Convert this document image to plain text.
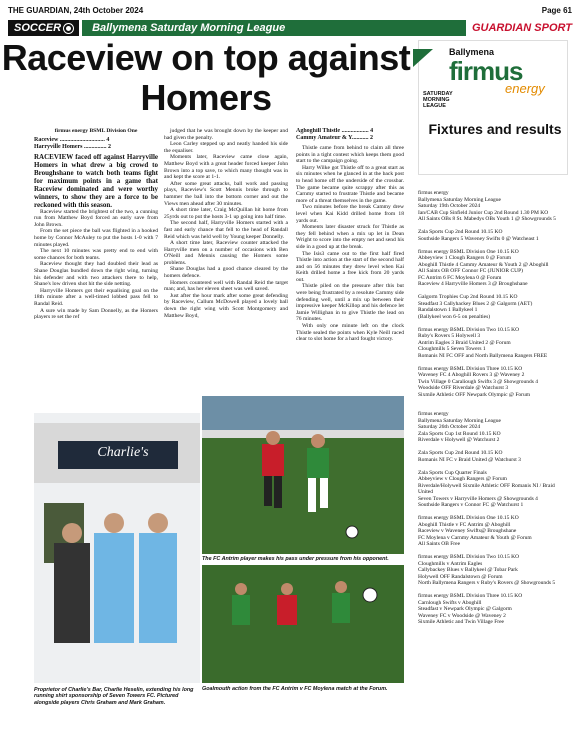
THE GUARDIAN, 24th October 2024	Page 61
SOCCER	Ballymena Saturday Morning League	GUARDIAN SPORT
Raceview on top against Homers

firmus energy BSML Division One

Raceview .............................. 4

Harryville Homers ............... 2

RACEVIEW faced off against Harryville Homers in what drew a big crowd to Broughshane to watch both teams fight for maximum points in a game that Raceview dominated and were worthy winners, to show they are a force to be reckoned with this season.

Raceview started the brightest of the two, a cunning run from Matthew Boyd forced an early save from John Brown.

From the set piece the ball was flighted in a hooked home by Connor McAuley to put the hosts 1-0 with 7 minutes played.

The next 10 minutes was pretty end to end with some chances for both teams.

Raceview thought they had doubled their lead as Shane Douglas bundled down the right wing, turning his defender and with two attackers there to help, Shane's low driven shot hit the side netting.

Harryville Homers got their equalising goal on the 18th minute after a well-timed lobbed pass fell to Randal Reid.

A sure win made by Sam Donnelly, as the Homers players re set the ref

judged that he was brought down by the keeper and had given the penalty.

Leon Carley stepped up and neatly handed his side the equaliser.

Moments later, Raceview came close again, Matthew Boyd with a great header forced keeper John Brown into a top save, to which many thought was in and kept the score at 1-1.

After some great attacks, ball work and passing plays, Raceview's Scott Mennis broke through to hammer the ball into the bottom corner and out the Views men ahead after 30 minutes.

A short time later, Craig McQuillan hit home from 25yrds out to put the hosts 3-1 up going into half time.

The second half, Harryville Homers started with a fast and early chance that fell to the head of Randall Reid which was held well by Young keeper Donnelly.

A short time later, Raceview counter attacked the Harryville men on a number of occasions with Ben O'Neill and Mennis causing the Homers some problems.

Shane Douglas had a good chance cleared by the homers defence.

Homers countered well with Randal Reid the target man; and, has her eleven sheet was well saved.

Just after the hour mark after some great defending by Raceview, Callum McDowell played a lovely ball down the right wing with Scott Montgomery and Matthew Boyd,

The FC Antrim player makes his pass under pressure from his opponent.
Charlie's
Proprietor of Charlie's Bar, Charlie Heselin, extending his long running shirt sponsorship of Seven Towers FC. Pictured alongside players Chris Graham and Mark Graham.
Goalmouth action from the FC Antrim v FC Moylena match at the Forum.
Ballymena
firmus
energy
SATURDAY MORNING LEAGUE
Fixtures and results
firmus energy
Ballymena Saturday Morning League
Saturday 19th October 2024
Ian/CAB Cup Sinfield Junior Cup 2nd Round 1.30 PM KO
All Saints OBs 8 St. Mabedys OBs Youth 1 @ Showgrounds 5
Zala Sports Cup 2nd Round 10.15 KO
Southside Rangers 5 Waveney Swifts 0 @ Watcheast 1
firmus energy BSML Division One 10.15 KO
Abbeyview 1 Clough Rangers 0 @ Forum
Aboghill Thistle 4 Cammy Amateur & Youth 2 @ Aboghill
All Saints OB OFF Connor FC (JUNIOR CUP)
FC Antrim 6 FC Moylena 0 @ Forum
Raceview 4 Harryville Homers 3 @ Broughshane
Galgorm Trophies Cup 2nd Round 10.15 KO
Steadfast 3 Callyhackey Blues 2 @ Galgorm (AET)
Randalstown 1 Ballykeel 1
(Ballykeel won 6-5 on penalties)
firmus energy BSML Division Two 10.15 KO
Ruby's Rovers 5 Holywell 3
Antrim Eagles 3 Braid United 2 @ Forum
Cloughmills 5 Seven Towers 1
Romanis NI FC OFF and North Ballymena Rangers FREE
firmus energy BSML Division Three 10.15 KO
Waveney FC 4 Aboghill Rovers 3 @ Waveney 2
Twin Village 0 Caraliough Swifts 3 @ Showgrounds 4
Woodside OFF Riverdale @ Watchurst 3
Sixmile Athletic OFF Newpark Olympic @ Forum
firmus energy
Ballymena Saturday Morning League
Saturday 26th October 2024
Zala Sports Cup 1st Round 10.15 KO
Riverdale v Holywell @ Watchurst 2
Zala Sports Cup 2nd Round 10.15 KO
Romanis NI FC v Braid United @ Watchurst 3
Zala Sports Cup Quarter Finals
Abbeyview v Clough Rangers @ Forum
Riverdale/Holywell Sixmile Athletic OFF Romanis NI / Braid United
Seven Towers v Harryville Homers @ Showgrounds 4
Southside Rangers v Connor FC @ Watchurst 1
firmus energy BSML Division One 10.15 KO
Aboghill Thistle v FC Antrim @ Aboghill
Raceview v Waveney Swifts@ Broughshane
FC Moylena v Carnmy Amateur & Youth @ Forum
All Saints OB Free
firmus energy BSML Division Two 10.15 KO
Cloughmills v Antrim Eagles
Callybackey Blues v Ballykeel @ Tobar Park
Holywell OFF Randalstown @ Forum
North Ballymena Rangers v Ruby's Rovers @ Showgrounds 5
firmus energy BSML Division Three 10.15 KO
Carnlough Swifts v Aboghill
Steadfast v Newpark Olympic @ Galgorm
Waveney FC v Woodside @ Waveney 2
Sixmile Athletic and Twin Village Free

Aghoghill Thistle .................. 4

Cammy Amateur & Y........... 2

Thistle came from behind to claim all three points in a tight contest which keeps them good start to the campaign going.

Harry Wilke got Thistle off to a great start as six minutes when he glanced in at the back post to head home off the underside of the crossbar. The game became quite scrappy after this as Carnmy started to frustrate Thistle and became more of a threat themselves in the game.

Two minutes before the break Cammy drew level when Kai Kidd drilled home from 18 yards out.

Moments later disaster struck for Thistle as they fell behind when a mix up let in Dean Wright to score into the empty net and send his side in a good up at the break.

The Isis3 came out to the first half fired Thistle into action at the start of the second half and on 56 minutes they drew level when Kai Keith drilled home a free kick from 20 yards out.

Thistle piled on the pressure after this but were being frustrated by a resolute Carnmy side defending well, until a mix up between their impressive keeper McKillop and his defence let Jamie Willighan in to give Thistle the lead on 76 minutes.

With only one minute left on the clock Thistle sealed the points when Kyle Neill raced clear to slot home for a hard fought victory.
